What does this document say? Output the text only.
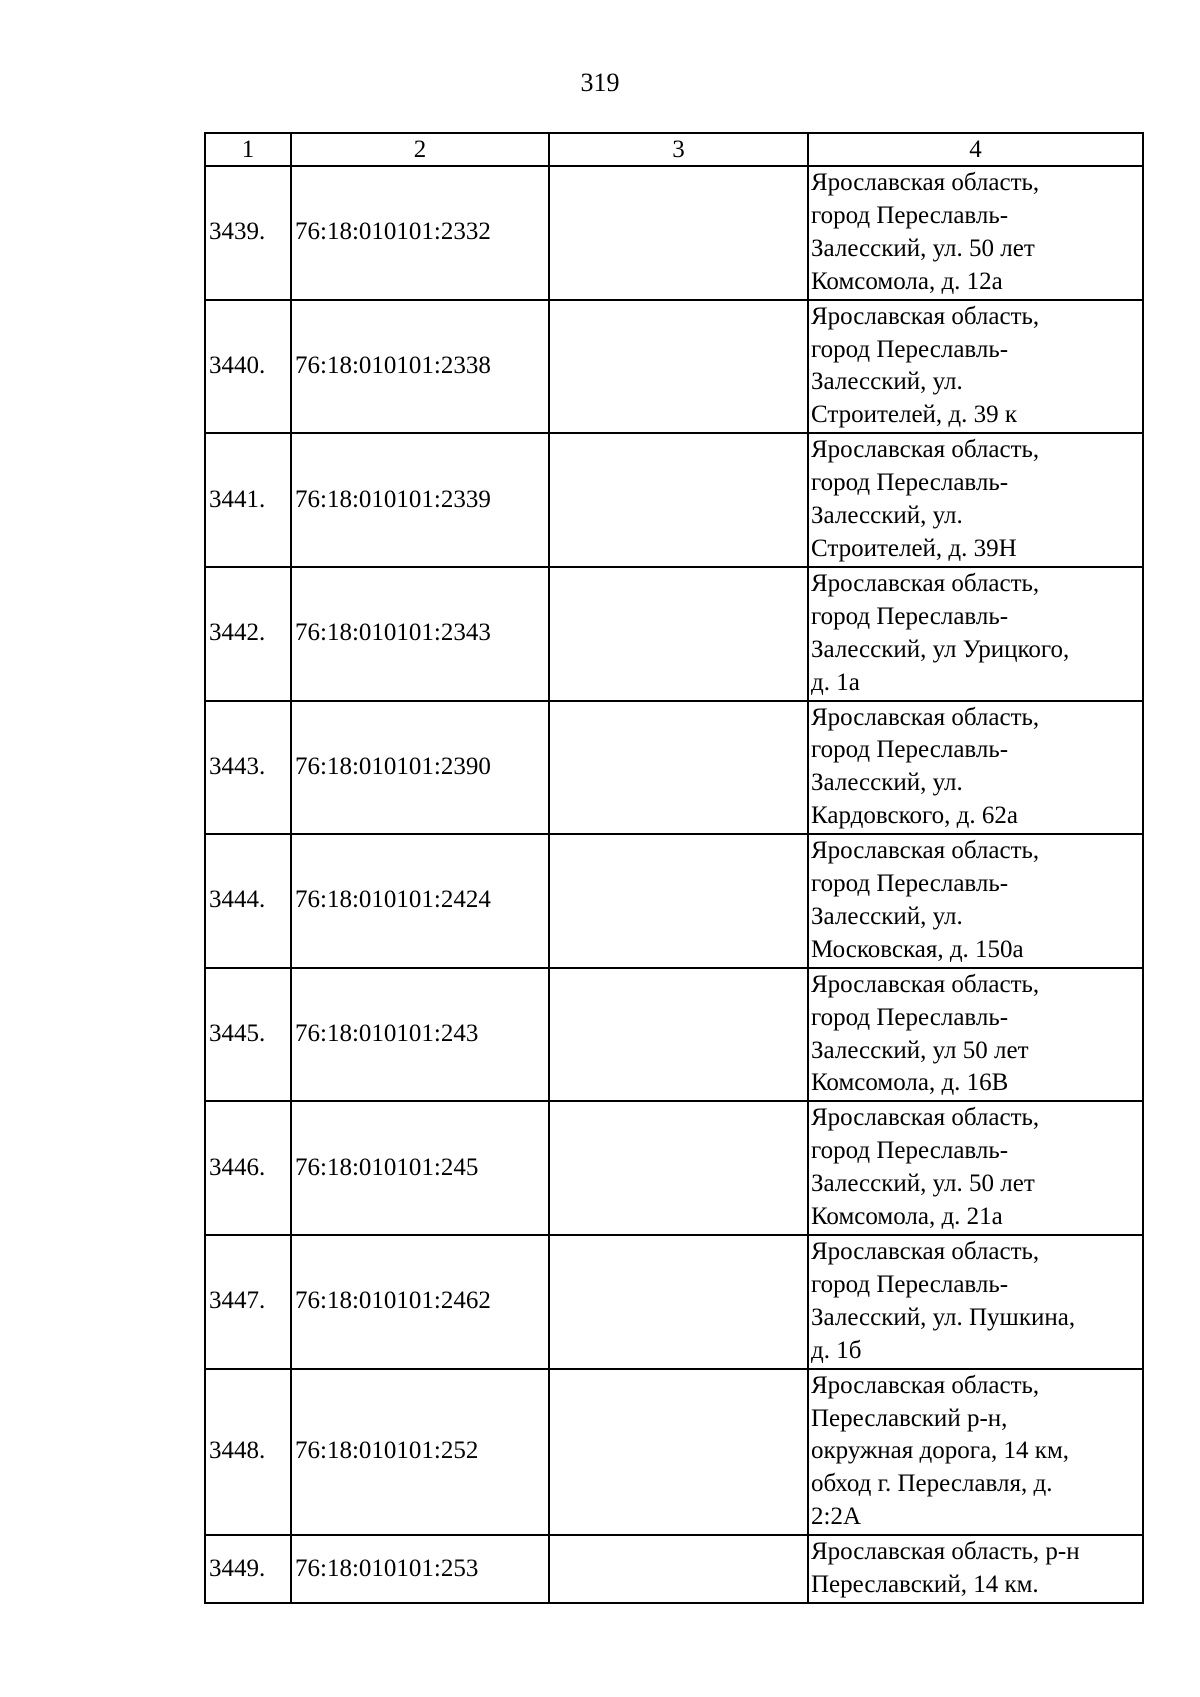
319
1	2	3	4
3439.	76:18:010101:2332		Ярославская область,
город Переславль-
Залесский, ул. 50 лет
Комсомола, д. 12а

3440.	76:18:010101:2338		Ярославская область,
город Переславль-
Залесский, ул.
Строителей, д. 39 к

3441.	76:18:010101:2339		Ярославская область,
город Переславль-
Залесский, ул.
Строителей, д. 39Н

3442.	76:18:010101:2343		Ярославская область,
город Переславль-
Залесский, ул Урицкого,
д. 1а

3443.	76:18:010101:2390		Ярославская область,
город Переславль-
Залесский, ул.
Кардовского, д. 62а

3444.	76:18:010101:2424		Ярославская область,
город Переславль-
Залесский, ул.
Московская, д. 150а

3445.	76:18:010101:243		Ярославская область,
город Переславль-
Залесский, ул 50 лет
Комсомола, д. 16В

3446.	76:18:010101:245		Ярославская область,
город Переславль-
Залесский, ул. 50 лет
Комсомола, д. 21а

3447.	76:18:010101:2462		Ярославская область,
город Переславль-
Залесский, ул. Пушкина,
д. 1б

3448.	76:18:010101:252		Ярославская область,
Переславский р-н,
окружная дорога, 14 км,
обход г. Переславля, д.
2:2А

3449.	76:18:010101:253		Ярославская область, р-н
Переславский, 14 км.
